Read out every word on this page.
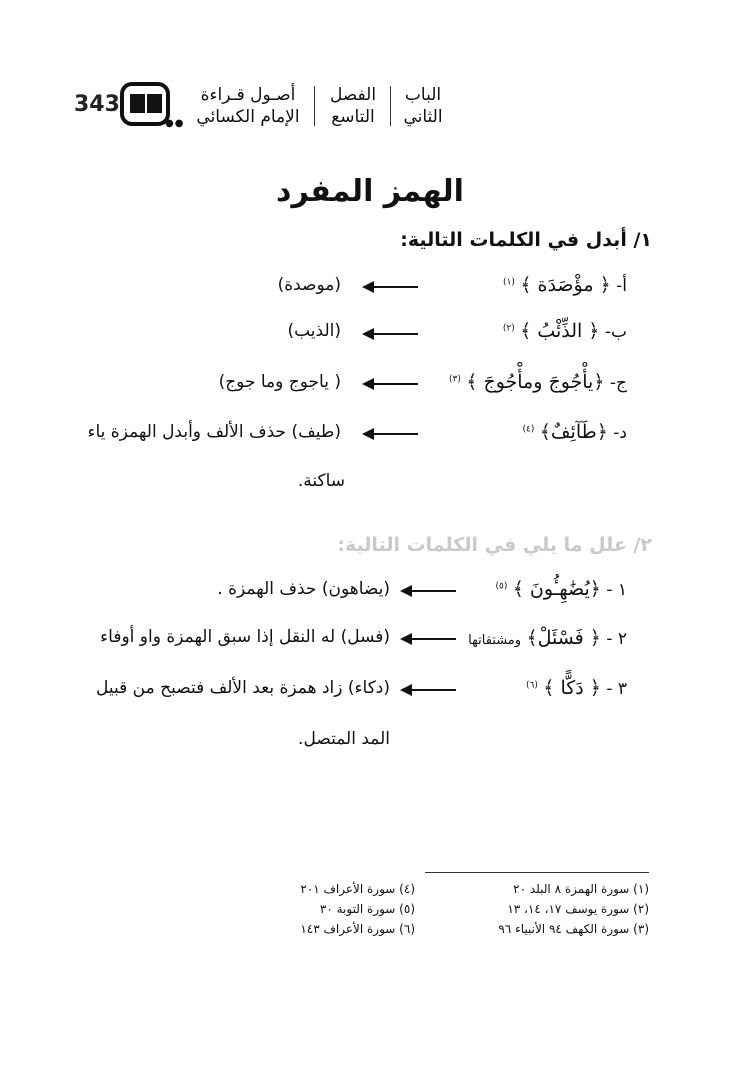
343
●●
أصـول قـراءة
الإمام الكسائي
الفصل
التاسع
الباب
الثاني
الهمز المفرد
١/ أبدل في الكلمات التالية:
أ- ﴿ مؤْصَدَة ﴾ $^{(١)}$
(موصدة)
ب- ﴿ الذِّئْبُ ﴾ $^{(٢)}$
(الذيب)
ج- ﴿يأْجُوجَ ومأْجُوجَ ﴾ $^{(٣)}$
( ياجوج وما جوج)
د- ﴿طَآئِفٌ﴾ $^{(٤)}$
(طيف) حذف الألف وأبدل الهمزة ياء
ساكنة.
٢/ علل ما يلي في الكلمات التالية:
١ - ﴿يُضَٰهِـُٔونَ ﴾ $^{(٥)}$
(يضاهون) حذف الهمزة .
٢ - ﴿ فَسْئَلْ﴾ ومشتقاتها
(فسل) له النقل إذا سبق الهمزة واو أوفاء
٣ - ﴿ دَكًّا ﴾ $^{(٦)}$
(دكاء) زاد همزة بعد الألف فتصبح من قبيل
المد المتصل.
(١) سورة الهمزة ٨ البلد ٢٠
(٢) سورة يوسف ١٧، ١٤، ١٣
(٣) سورة الكهف ٩٤ الأنبياء ٩٦
(٤) سورة الأعراف ٢٠١
(٥) سورة التوبة ٣٠
(٦) سورة الأعراف ١٤٣
